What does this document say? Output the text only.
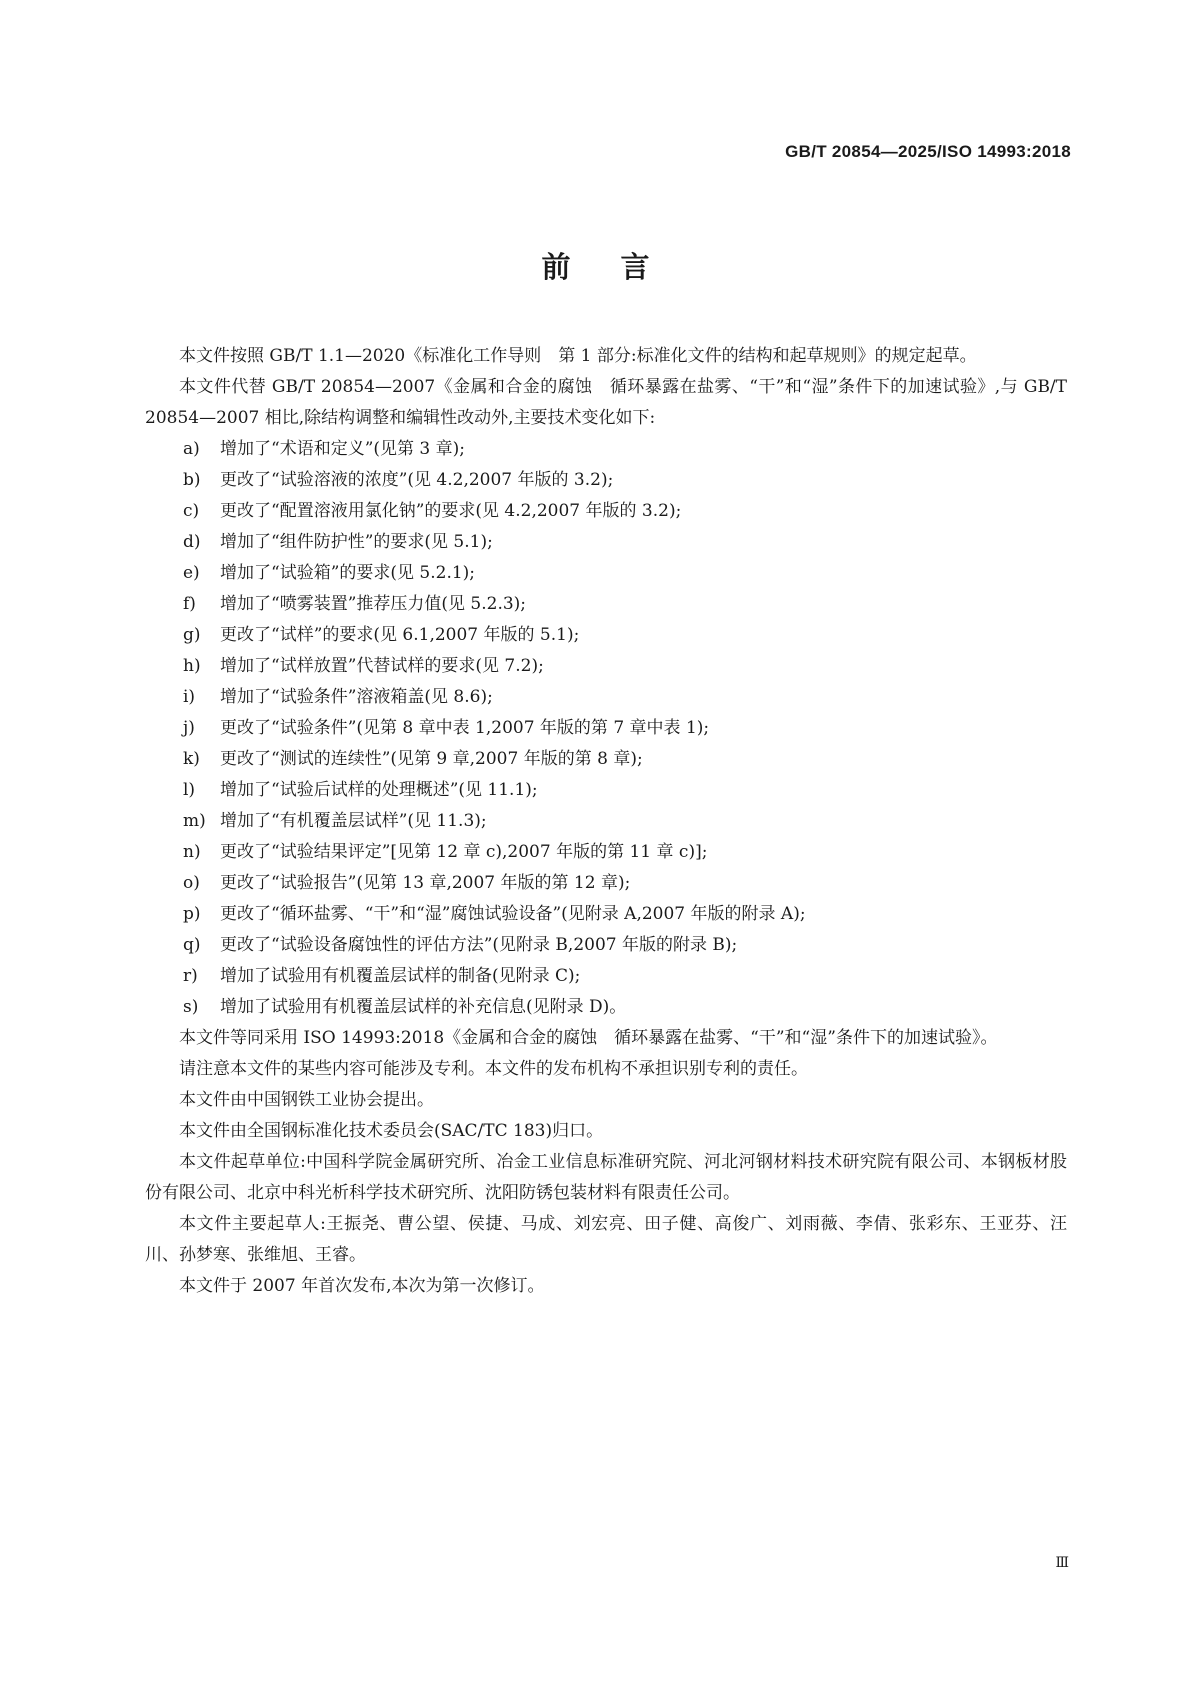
GB/T 20854—2025/ISO 14993:2018
前言

本文件按照 GB/T 1.1—2020《标准化工作导则　第 1 部分:标准化文件的结构和起草规则》的规定起草。

本文件代替 GB/T 20854—2007《金属和合金的腐蚀　循环暴露在盐雾、“干”和“湿”条件下的加速试验》,与 GB/T 20854—2007 相比,除结构调整和编辑性改动外,主要技术变化如下:

a)	增加了“术语和定义”(见第 3 章);
b)	更改了“试验溶液的浓度”(见 4.2,2007 年版的 3.2);
c)	更改了“配置溶液用氯化钠”的要求(见 4.2,2007 年版的 3.2);
d)	增加了“组件防护性”的要求(见 5.1);
e)	增加了“试验箱”的要求(见 5.2.1);
f)	增加了“喷雾装置”推荐压力值(见 5.2.3);
g)	更改了“试样”的要求(见 6.1,2007 年版的 5.1);
h)	增加了“试样放置”代替试样的要求(见 7.2);
i)	增加了“试验条件”溶液箱盖(见 8.6);
j)	更改了“试验条件”(见第 8 章中表 1,2007 年版的第 7 章中表 1);
k)	更改了“测试的连续性”(见第 9 章,2007 年版的第 8 章);
l)	增加了“试验后试样的处理概述”(见 11.1);
m) 增加了“有机覆盖层试样”(见 11.3);
n)	更改了“试验结果评定”[见第 12 章 c),2007 年版的第 11 章 c)];
o)	更改了“试验报告”(见第 13 章,2007 年版的第 12 章);
p)	更改了“循环盐雾、“干”和“湿”腐蚀试验设备”(见附录 A,2007 年版的附录 A);
q)	更改了“试验设备腐蚀性的评估方法”(见附录 B,2007 年版的附录 B);
r)	增加了试验用有机覆盖层试样的制备(见附录 C);
s)	增加了试验用有机覆盖层试样的补充信息(见附录 D)。

本文件等同采用 ISO 14993:2018《金属和合金的腐蚀　循环暴露在盐雾、“干”和“湿”条件下的加速试验》。

请注意本文件的某些内容可能涉及专利。本文件的发布机构不承担识别专利的责任。

本文件由中国钢铁工业协会提出。

本文件由全国钢标准化技术委员会(SAC/TC 183)归口。

本文件起草单位:中国科学院金属研究所、冶金工业信息标准研究院、河北河钢材料技术研究院有限公司、本钢板材股份有限公司、北京中科光析科学技术研究所、沈阳防锈包装材料有限责任公司。

本文件主要起草人:王振尧、曹公望、侯捷、马成、刘宏亮、田子健、高俊广、刘雨薇、李倩、张彩东、王亚芬、汪川、孙梦寒、张维旭、王睿。

本文件于 2007 年首次发布,本次为第一次修订。

Ⅲ
